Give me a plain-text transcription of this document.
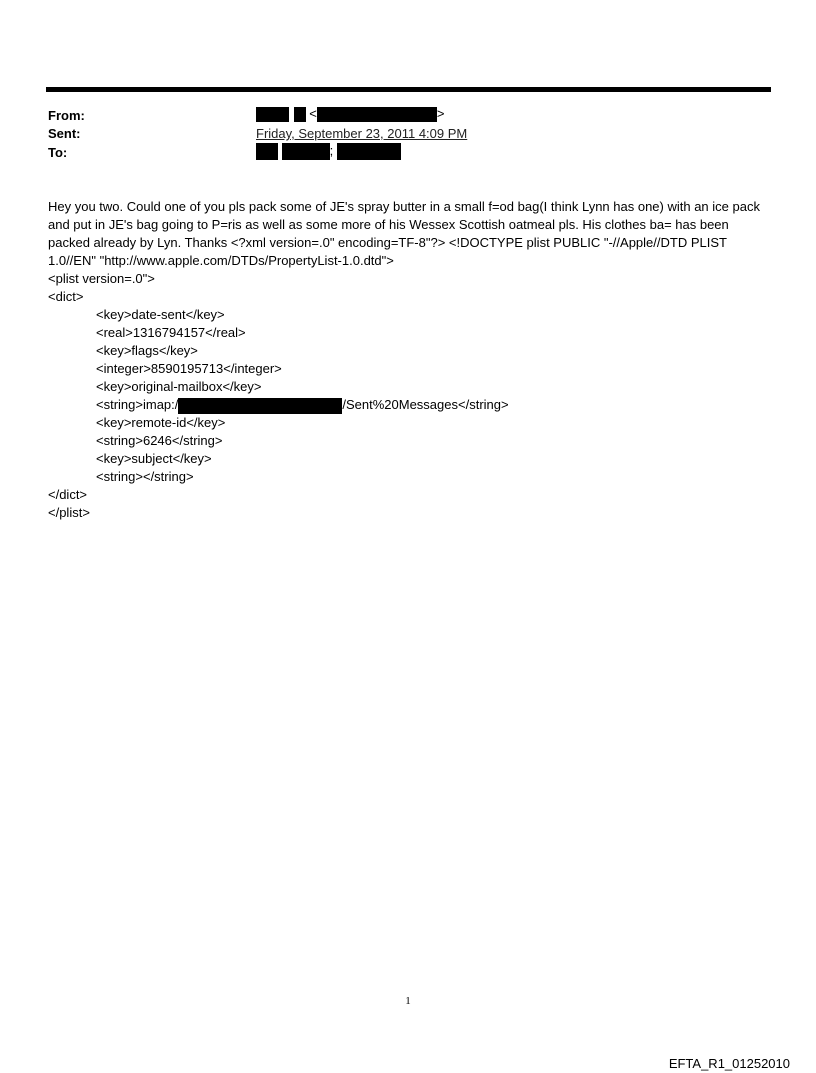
From:	<	>
Sent:	Friday, September 23, 2011 4:09 PM
To:	;
Hey you two. Could one of you pls pack some of JE's spray butter in a small f=od bag(I think Lynn has one) with an ice pack and put in JE's bag going to P=ris as well as some more of his Wessex Scottish oatmeal pls. His clothes ba= has been packed already by Lyn. Thanks <?xml version=.0" encoding=TF-8"?> <!DOCTYPE plist PUBLIC "-//Apple//DTD PLIST 1.0//EN" "http://www.apple.com/DTDs/PropertyList-1.0.dtd">
<plist version=.0">
<dict>
<key>date-sent</key>
<real>1316794157</real>
<key>flags</key>
<integer>8590195713</integer>
<key>original-mailbox</key>
<string>imap:/	/Sent%20Messages</string>
<key>remote-id</key>
<string>6246</string>
<key>subject</key>
<string></string>
</dict>
</plist>
1
EFTA_R1_01252010
